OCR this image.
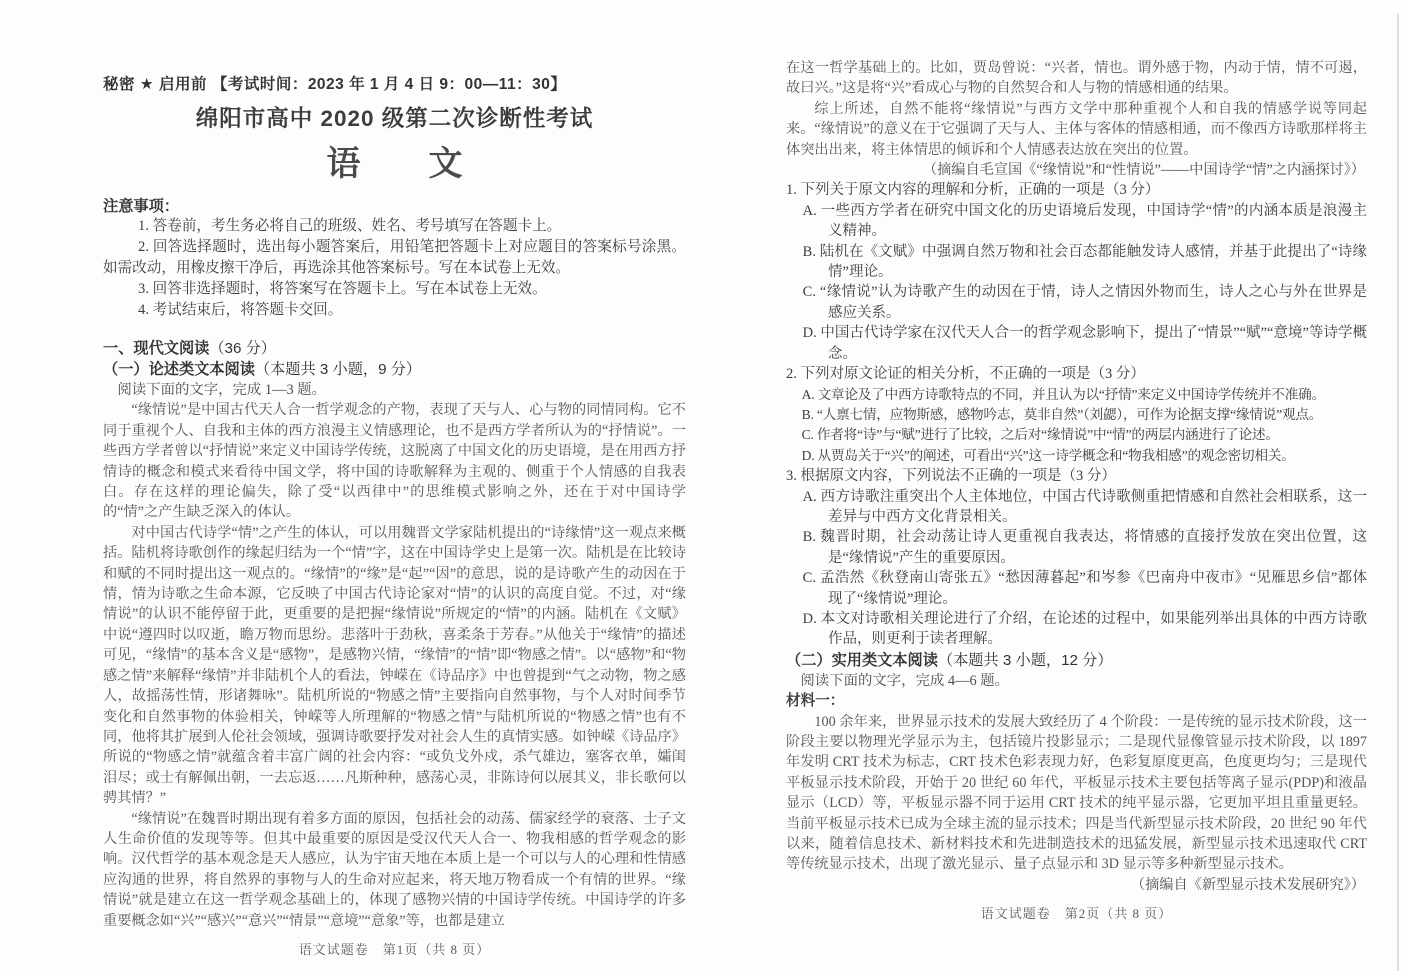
秘密 ★ 启用前 【考试时间：2023 年 1 月 4 日 9：00—11：30】
绵阳市高中 2020 级第二次诊断性考试
语　　文
注意事项：

1. 答卷前，考生务必将自己的班级、姓名、考号填写在答题卡上。

2. 回答选择题时，选出每小题答案后，用铅笔把答题卡上对应题目的答案标号涂黑。如需改动，用橡皮擦干净后，再选涂其他答案标号。写在本试卷上无效。

3. 回答非选择题时，将答案写在答题卡上。写在本试卷上无效。

4. 考试结束后，将答题卡交回。

一、现代文阅读（36 分）
（一）论述类文本阅读（本题共 3 小题，9 分）

阅读下面的文字，完成 1—3 题。

“缘情说”是中国古代天人合一哲学观念的产物，表现了天与人、心与物的同情同构。它不同于重视个人、自我和主体的西方浪漫主义情感理论，也不是西方学者所认为的“抒情说”。一些西方学者曾以“抒情说”来定义中国诗学传统，这脱离了中国文化的历史语境，是在用西方抒情诗的概念和模式来看待中国文学，将中国的诗歌解释为主观的、侧重于个人情感的自我表白。存在这样的理论偏失，除了受“以西律中”的思维模式影响之外，还在于对中国诗学的“情”之产生缺乏深入的体认。

对中国古代诗学“情”之产生的体认，可以用魏晋文学家陆机提出的“诗缘情”这一观点来概括。陆机将诗歌创作的缘起归结为一个“情”字，这在中国诗学史上是第一次。陆机是在比较诗和赋的不同时提出这一观点的。“缘情”的“缘”是“起”“因”的意思，说的是诗歌产生的动因在于情，情为诗歌之生命本源，它反映了中国古代诗论家对“情”的认识的高度自觉。不过，对“缘情说”的认识不能停留于此，更重要的是把握“缘情说”所规定的“情”的内涵。陆机在《文赋》中说“遵四时以叹逝，瞻万物而思纷。悲落叶于劲秋，喜柔条于芳春。”从他关于“缘情”的描述可见，“缘情”的基本含义是“感物”，是感物兴情，“缘情”的“情”即“物感之情”。以“感物”和“物感之情”来解释“缘情”并非陆机个人的看法，钟嵘在《诗品序》中也曾提到“气之动物，物之感人，故摇荡性情，形诸舞咏”。陆机所说的“物感之情”主要指向自然事物，与个人对时间季节变化和自然事物的体验相关，钟嵘等人所理解的“物感之情”与陆机所说的“物感之情”也有不同，他将其扩展到人伦社会领域，强调诗歌要抒发对社会人生的真情实感。如钟嵘《诗品序》所说的“物感之情”就蕴含着丰富广阔的社会内容：“或负戈外戍，杀气雄边，塞客衣单，孀闺泪尽；或士有解佩出朝，一去忘返……凡斯种种，感荡心灵，非陈诗何以展其义，非长歌何以骋其情？”

“缘情说”在魏晋时期出现有着多方面的原因，包括社会的动荡、儒家经学的衰落、士子文人生命价值的发现等等。但其中最重要的原因是受汉代天人合一、物我相感的哲学观念的影响。汉代哲学的基本观念是天人感应，认为宇宙天地在本质上是一个可以与人的心理和性情感应沟通的世界，将自然界的事物与人的生命对应起来，将天地万物看成一个有情的世界。“缘情说”就是建立在这一哲学观念基础上的，体现了感物兴情的中国诗学传统。中国诗学的许多重要概念如“兴”“感兴”“意兴”“情景”“意境”“意象”等，也都是建立

语文试题卷　第1页（共 8 页）

在这一哲学基础上的。比如，贾岛曾说：“兴者，情也。谓外感于物，内动于情，情不可遏，故曰兴。”这是将“兴”看成心与物的自然契合和人与物的情感相通的结果。

综上所述，自然不能将“缘情说”与西方文学中那种重视个人和自我的情感学说等同起来。“缘情说”的意义在于它强调了天与人、主体与客体的情感相通，而不像西方诗歌那样将主体突出出来，将主体情思的倾诉和个人情感表达放在突出的位置。

（摘编自毛宣国《“缘情说”和“性情说”——中国诗学“情”之内涵探讨》）

1. 下列关于原文内容的理解和分析，正确的一项是（3 分）

A. 一些西方学者在研究中国文化的历史语境后发现，中国诗学“情”的内涵本质是浪漫主义精神。

B. 陆机在《文赋》中强调自然万物和社会百态都能触发诗人感情，并基于此提出了“诗缘情”理论。

C. “缘情说”认为诗歌产生的动因在于情，诗人之情因外物而生，诗人之心与外在世界是感应关系。

D. 中国古代诗学家在汉代天人合一的哲学观念影响下，提出了“情景”“赋”“意境”等诗学概念。

2. 下列对原文论证的相关分析，不正确的一项是（3 分）

A. 文章论及了中西方诗歌特点的不同，并且认为以“抒情”来定义中国诗学传统并不准确。

B. “人禀七情，应物斯感，感物吟志，莫非自然”（刘勰），可作为论据支撑“缘情说”观点。

C. 作者将“诗”与“赋”进行了比较，之后对“缘情说”中“情”的两层内涵进行了论述。

D. 从贾岛关于“兴”的阐述，可看出“兴”这一诗学概念和“物我相感”的观念密切相关。

3. 根据原文内容，下列说法不正确的一项是（3 分）

A. 西方诗歌注重突出个人主体地位，中国古代诗歌侧重把情感和自然社会相联系，这一差异与中西方文化背景相关。

B. 魏晋时期，社会动荡让诗人更重视自我表达，将情感的直接抒发放在突出位置，这是“缘情说”产生的重要原因。

C. 孟浩然《秋登南山寄张五》“愁因薄暮起”和岑参《巴南舟中夜市》“见雁思乡信”都体现了“缘情说”理论。

D. 本文对诗歌相关理论进行了介绍，在论述的过程中，如果能列举出具体的中西方诗歌作品，则更利于读者理解。

（二）实用类文本阅读（本题共 3 小题，12 分）

阅读下面的文字，完成 4—6 题。

材料一：

100 余年来，世界显示技术的发展大致经历了 4 个阶段：一是传统的显示技术阶段，这一阶段主要以物理光学显示为主，包括镜片投影显示；二是现代显像管显示技术阶段，以 1897 年发明 CRT 技术为标志，CRT 技术色彩表现力好，色彩复原度更高，色度更均匀；三是现代平板显示技术阶段，开始于 20 世纪 60 年代，平板显示技术主要包括等离子显示(PDP)和液晶显示（LCD）等，平板显示器不同于运用 CRT 技术的纯平显示器，它更加平坦且重量更轻。当前平板显示技术已成为全球主流的显示技术；四是当代新型显示技术阶段，20 世纪 90 年代以来，随着信息技术、新材料技术和先进制造技术的迅猛发展，新型显示技术迅速取代 CRT 等传统显示技术，出现了激光显示、量子点显示和 3D 显示等多种新型显示技术。

（摘编自《新型显示技术发展研究》）

语文试题卷　第2页（共 8 页）
